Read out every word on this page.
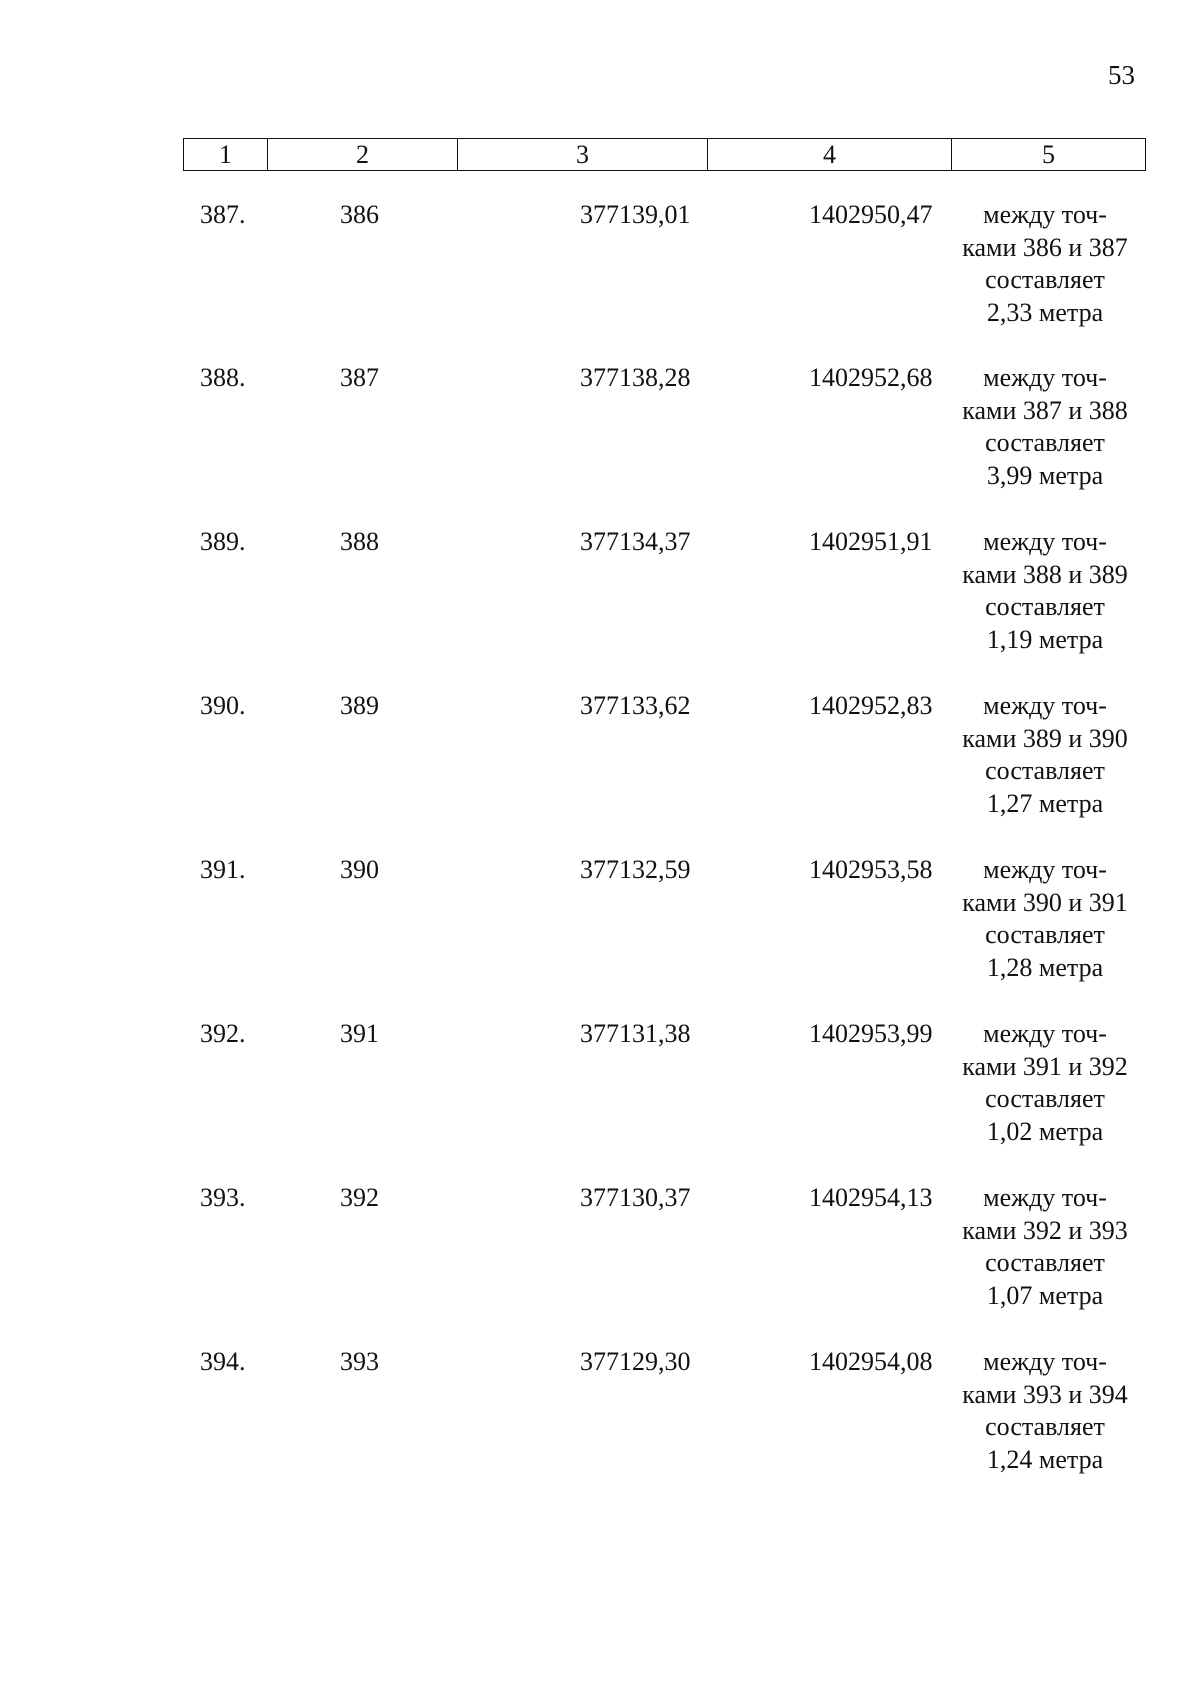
53
1	2	3	4	5
387.	386	377139,01	1402950,47	между точ-
ками 386 и 387
составляет
2,33 метра
388.	387	377138,28	1402952,68	между точ-
ками 387 и 388
составляет
3,99 метра
389.	388	377134,37	1402951,91	между точ-
ками 388 и 389
составляет
1,19 метра
390.	389	377133,62	1402952,83	между точ-
ками 389 и 390
составляет
1,27 метра
391.	390	377132,59	1402953,58	между точ-
ками 390 и 391
составляет
1,28 метра
392.	391	377131,38	1402953,99	между точ-
ками 391 и 392
составляет
1,02 метра
393.	392	377130,37	1402954,13	между точ-
ками 392 и 393
составляет
1,07 метра
394.	393	377129,30	1402954,08	между точ-
ками 393 и 394
составляет
1,24 метра
